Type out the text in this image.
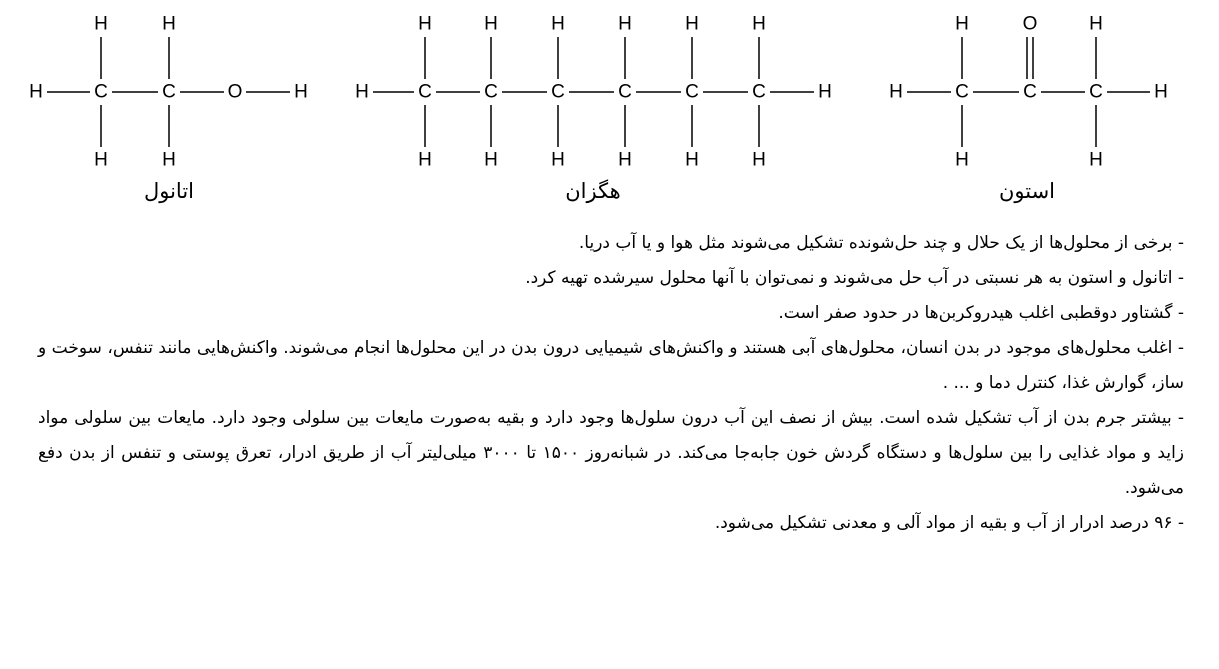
H	C	C	O	H
H
H
H
H
H	H
C
H
H
C
H
H
C
H
H
C
H
H
C
H
H
C
H
H
H	C	C	C	H
H
H
H
H
O
اتانول	هگزان	استون

- برخی از محلول‌ها از یک حلال و چند حل‌شونده تشکیل می‌شوند مثل هوا و یا آب دریا.

- اتانول و استون به هر نسبتی در آب حل می‌شوند و نمی‌توان با آنها محلول سیرشده تهیه کرد.

- گشتاور دوقطبی اغلب هیدروکربن‌ها در حدود صفر است.

- اغلب محلول‌های موجود در بدن انسان، محلول‌های آبی هستند و واکنش‌های شیمیایی درون بدن در این محلول‌ها انجام می‌شوند. واکنش‌هایی مانند تنفس، سوخت و ساز، گوارش غذا، کنترل دما و ... .

- بیشتر جرم بدن از آب تشکیل شده است. بیش از نصف این آب درون سلول‌ها وجود دارد و بقیه به‌صورت مایعات بین سلولی وجود دارد. مایعات بین سلولی مواد زاید و مواد غذایی را بین سلول‌ها و دستگاه گردش خون جابه‌جا می‌کند. در شبانه‌روز ۱۵۰۰ تا ۳۰۰۰ میلی‌لیتر آب از طریق ادرار، تعرق پوستی و تنفس از بدن دفع می‌شود.

- ۹۶ درصد ادرار از آب و بقیه از مواد آلی و معدنی تشکیل می‌شود.
